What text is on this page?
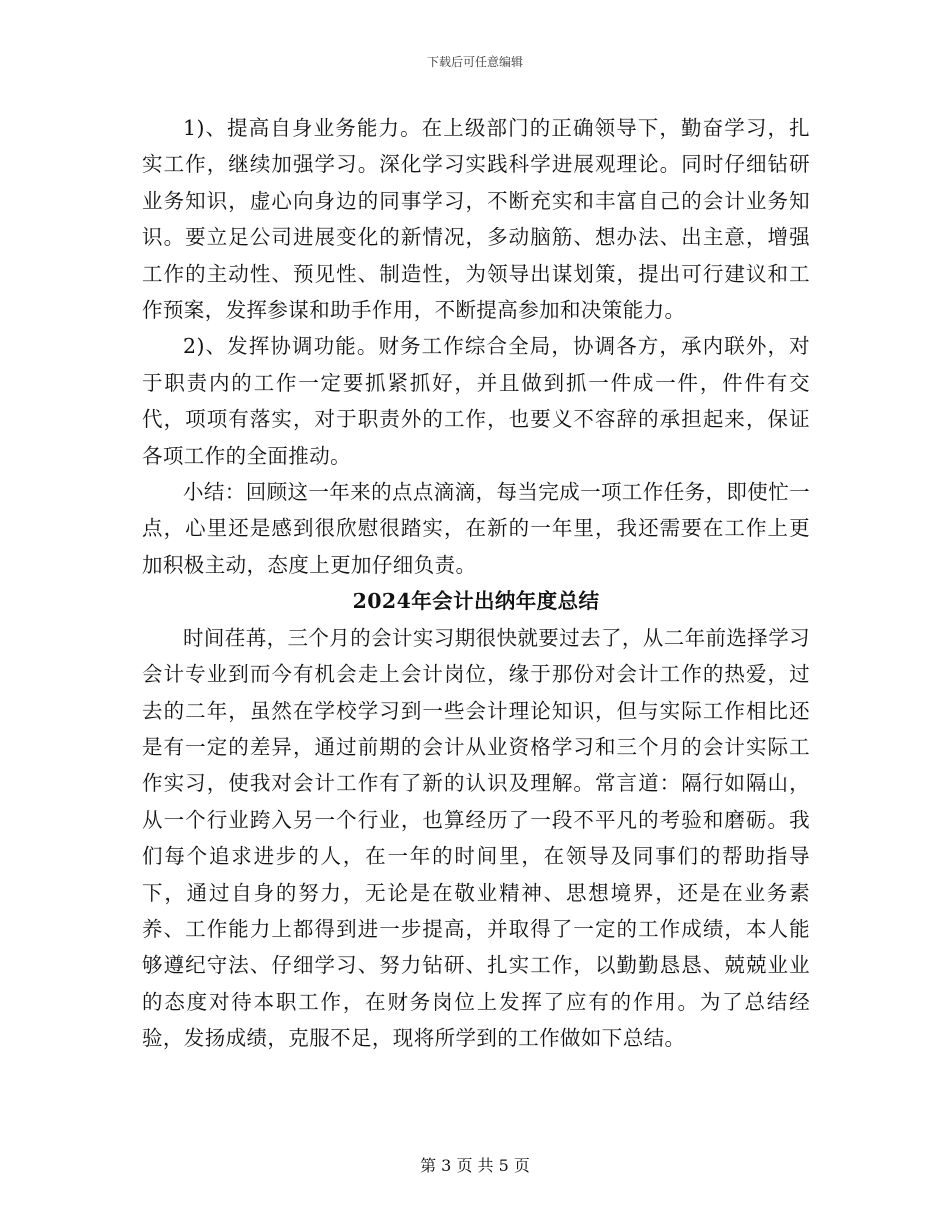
下载后可任意编辑

1)、提高自身业务能力。在上级部门的正确领导下，勤奋学习，扎实工作，继续加强学习。深化学习实践科学进展观理论。同时仔细钻研业务知识，虚心向身边的同事学习，不断充实和丰富自己的会计业务知识。要立足公司进展变化的新情况，多动脑筋、想办法、出主意，增强工作的主动性、预见性、制造性，为领导出谋划策，提出可行建议和工作预案，发挥参谋和助手作用，不断提高参加和决策能力。

2)、发挥协调功能。财务工作综合全局，协调各方，承内联外，对于职责内的工作一定要抓紧抓好，并且做到抓一件成一件，件件有交代，项项有落实，对于职责外的工作，也要义不容辞的承担起来，保证各项工作的全面推动。

小结：回顾这一年来的点点滴滴，每当完成一项工作任务，即使忙一点，心里还是感到很欣慰很踏实，在新的一年里，我还需要在工作上更加积极主动，态度上更加仔细负责。

2024年会计出纳年度总结

时间荏苒，三个月的会计实习期很快就要过去了，从二年前选择学习会计专业到而今有机会走上会计岗位，缘于那份对会计工作的热爱，过去的二年，虽然在学校学习到一些会计理论知识，但与实际工作相比还是有一定的差异，通过前期的会计从业资格学习和三个月的会计实际工作实习，使我对会计工作有了新的认识及理解。常言道：隔行如隔山，从一个行业跨入另一个行业，也算经历了一段不平凡的考验和磨砺。我们每个追求进步的人，在一年的时间里，在领导及同事们的帮助指导下，通过自身的努力，无论是在敬业精神、思想境界，还是在业务素养、工作能力上都得到进一步提高，并取得了一定的工作成绩，本人能够遵纪守法、仔细学习、努力钻研、扎实工作，以勤勤恳恳、兢兢业业的态度对待本职工作，在财务岗位上发挥了应有的作用。为了总结经验，发扬成绩，克服不足，现将所学到的工作做如下总结。

第 3 页 共 5 页
